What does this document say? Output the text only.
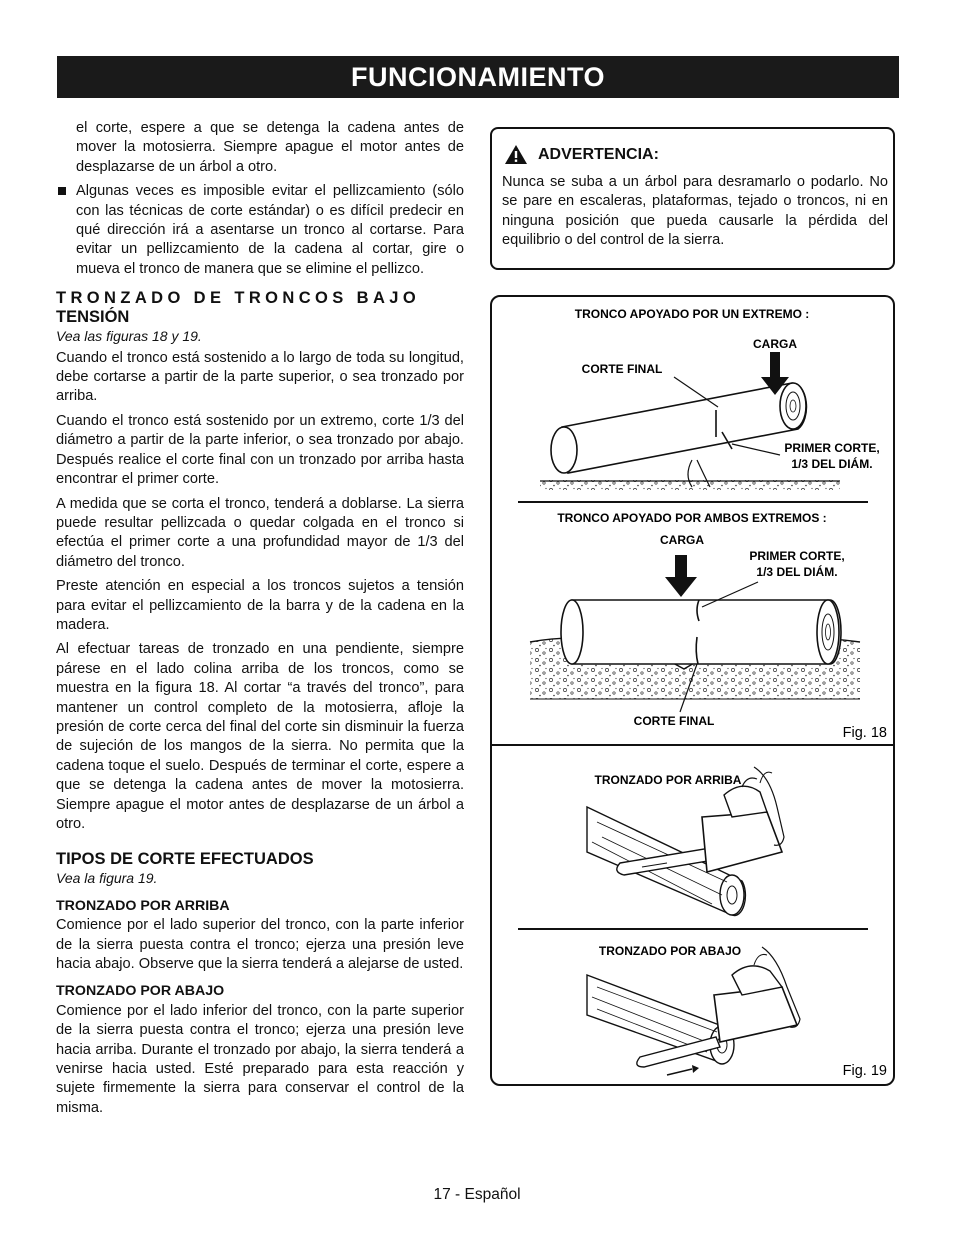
FUNCIONAMIENTO

el corte, espere a que se detenga la cadena antes de mover la motosierra. Siempre apague el motor antes de desplazarse de un árbol a otro.

Algunas veces es imposible evitar el pellizcamiento (sólo con las técnicas de corte estándar) o es difícil predecir en qué dirección irá a asentarse un tronco al cortarse. Para evitar un pellizcamiento de la cadena al cortar, gire o mueva el tronco de manera que se elimine el pellizco.
TRONZADO DE TRONCOS BAJO
TENSIÓN

Vea las figuras 18 y 19.

Cuando el tronco está sostenido a lo largo de toda su longitud, debe cortarse a partir de la parte superior, o sea tronzado por arriba.

Cuando el tronco está sostenido por un extremo, corte 1/3 del diámetro a partir de la parte inferior, o sea tronzado por abajo. Después realice el corte final con un tronzado por arriba hasta encontrar el primer corte.

A medida que se corta el tronco, tenderá a doblarse. La sierra puede resultar pellizcada o quedar colgada en el tronco si efectúa el primer corte a una profundidad mayor de 1/3 del diámetro del tronco.

Preste atención en especial a los troncos sujetos a tensión para evitar el pellizcamiento de la barra y de la cadena en la madera.

Al efectuar tareas de tronzado en una pendiente, siempre párese en el lado colina arriba de los troncos, como se muestra en la figura 18. Al cortar “a través del tronco”, para mantener un control completo de la motosierra, afloje la presión de corte cerca del final del corte sin disminuir la fuerza de sujeción de los mangos de la sierra. No permita que la cadena toque el suelo. Después de terminar el corte, espere a que se detenga la cadena antes de mover la motosierra. Siempre apague el motor antes de desplazarse de un árbol a otro.

TIPOS DE CORTE EFECTUADOS

Vea la figura 19.

TRONZADO POR ARRIBA

Comience por el lado superior del tronco, con la parte inferior de la sierra puesta contra el tronco; ejerza una presión leve hacia abajo. Observe que la sierra tenderá a alejarse de usted.

TRONZADO POR ABAJO

Comience por el lado inferior del tronco, con la parte superior de la sierra puesta contra el tronco; ejerza una presión leve hacia arriba. Durante el tronzado por abajo, la sierra tenderá a venirse hacia usted. Esté preparado para esta reacción y sujete firmemente la sierra para conservar el control de la misma.

ADVERTENCIA:
Nunca se suba a un árbol para desramarlo o podarlo. No se pare en escaleras, plataformas, tejado o troncos, ni en ninguna posición que pueda causarle la pérdida del equilibrio o del control de la sierra.
TRONCO APOYADO POR UN EXTREMO :
CARGA
CORTE FINAL
PRIMER CORTE,
1/3 DEL DIÁM.
TRONCO APOYADO POR AMBOS EXTREMOS :
CARGA
PRIMER CORTE,
1/3 DEL DIÁM.
CORTE FINAL
Fig. 18
TRONZADO POR ARRIBA
TRONZADO POR ABAJO
Fig. 19
17 - Español
